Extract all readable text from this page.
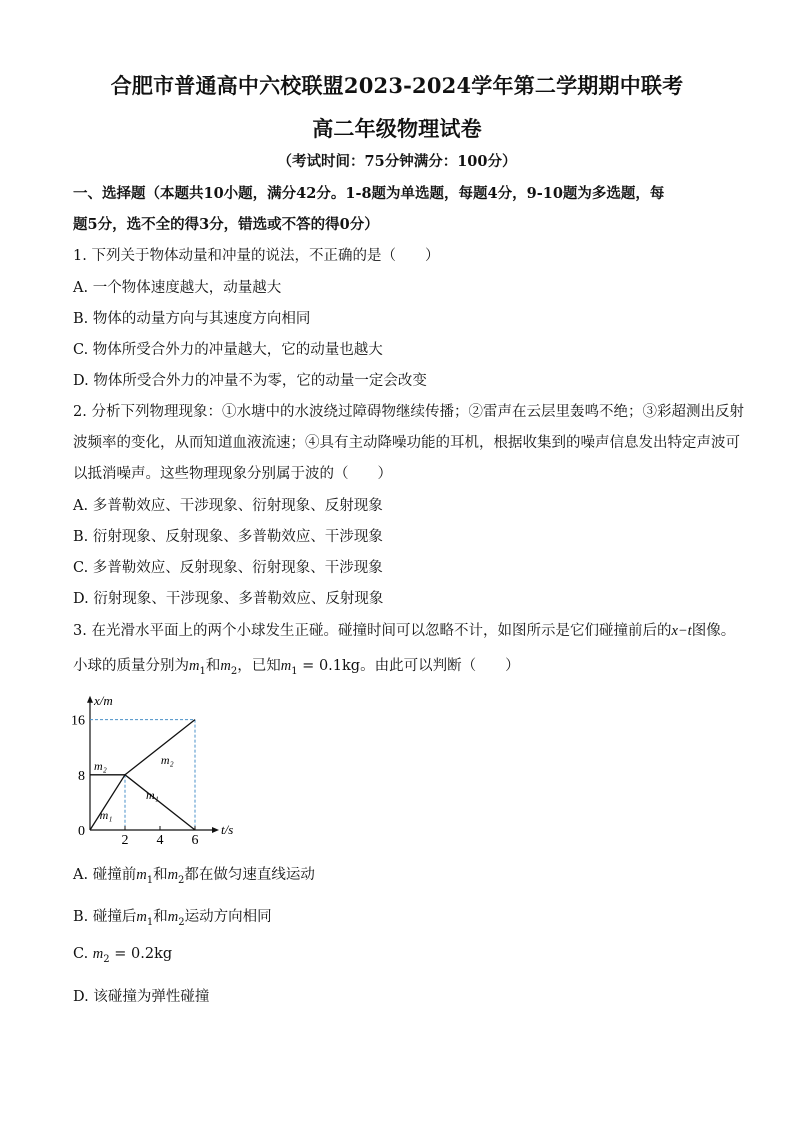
合肥市普通高中六校联盟2023-2024学年第二学期期中联考
高二年级物理试卷
（考试时间：75分钟满分：100分）
一、选择题（本题共10小题，满分42分。1-8题为单选题，每题4分，9-10题为多选题，每
题5分，选不全的得3分，错选或不答的得0分）
1. 下列关于物体动量和冲量的说法，不正确的是（　　）
A. 一个物体速度越大，动量越大
B. 物体的动量方向与其速度方向相同
C. 物体所受合外力的冲量越大，它的动量也越大
D. 物体所受合外力的冲量不为零，它的动量一定会改变
2. 分析下列物理现象：①水塘中的水波绕过障碍物继续传播；②雷声在云层里轰鸣不绝；③彩超测出反射
波频率的变化，从而知道血液流速；④具有主动降噪功能的耳机，根据收集到的噪声信息发出特定声波可
以抵消噪声。这些物理现象分别属于波的（　　）
A. 多普勒效应、干涉现象、衍射现象、反射现象
B. 衍射现象、反射现象、多普勒效应、干涉现象
C. 多普勒效应、反射现象、衍射现象、干涉现象
D. 衍射现象、干涉现象、多普勒效应、反射现象
3. 在光滑水平面上的两个小球发生正碰。碰撞时间可以忽略不计，如图所示是它们碰撞前后的x−t图像。
小球的质量分别为$m_1$和$m_2$，已知$m_1 = 0.1kg$。由此可以判断（　　）
x/m
t/s
2 4 6
8
16
0
m₁
m₁
m₂	m₂
A. 碰撞前$m_1$和$m_2$都在做匀速直线运动
B. 碰撞后$m_1$和$m_2$运动方向相同
C. $m_2 = 0.2kg$
D. 该碰撞为弹性碰撞
